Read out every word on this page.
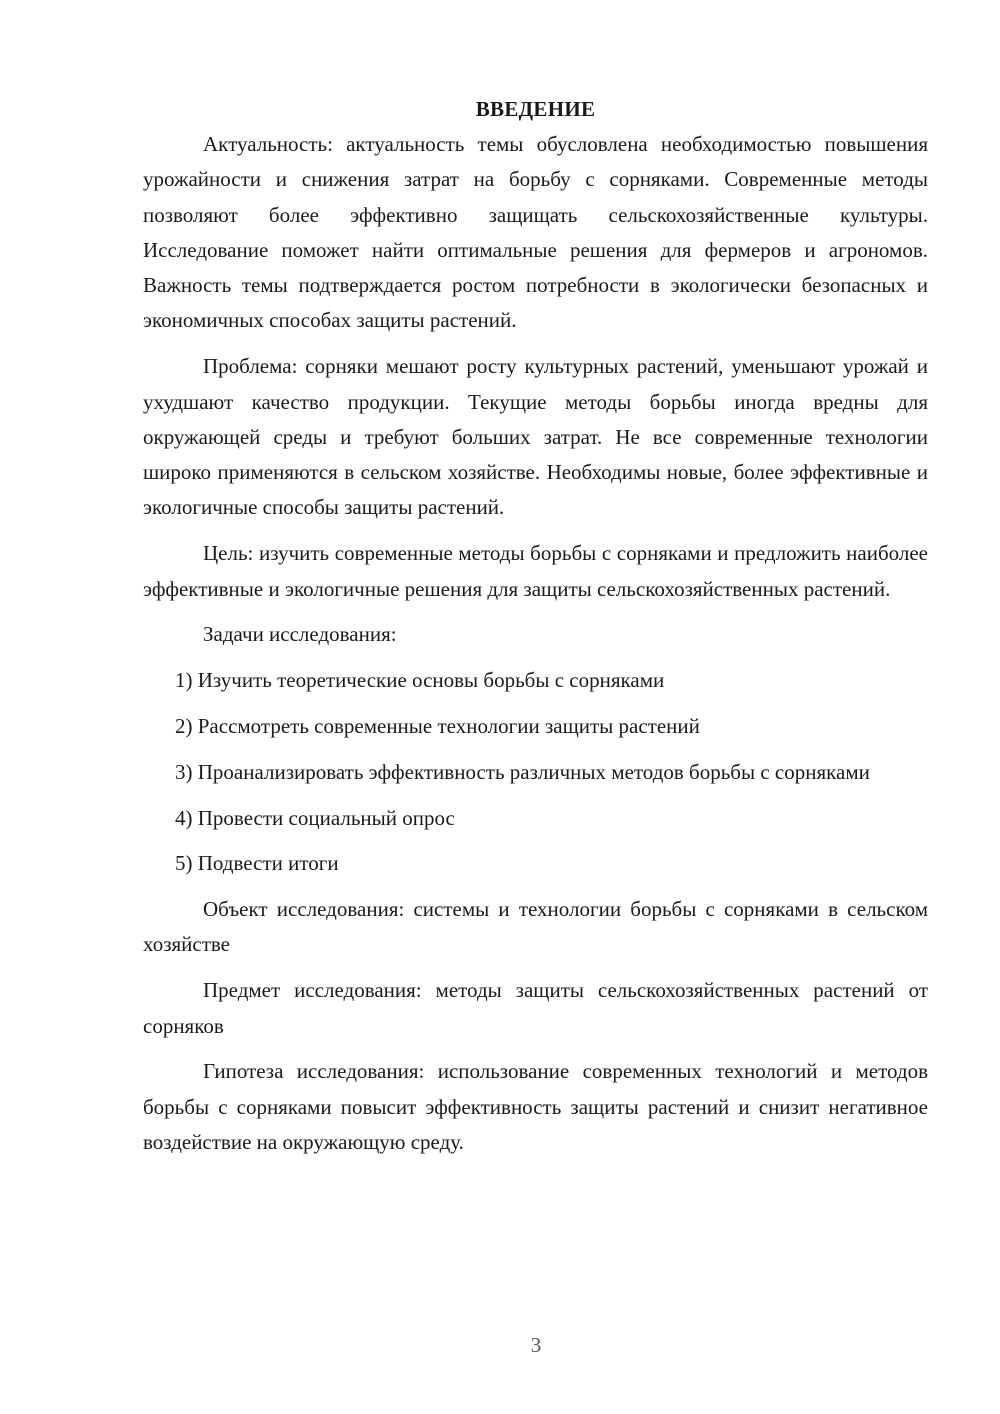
ВВЕДЕНИЕ

Актуальность: актуальность темы обусловлена необходимостью повышения урожайности и снижения затрат на борьбу с сорняками. Современные методы позволяют более эффективно защищать сельскохозяйственные культуры. Исследование поможет найти оптимальные решения для фермеров и агрономов. Важность темы подтверждается ростом потребности в экологически безопасных и экономичных способах защиты растений.

Проблема: сорняки мешают росту культурных растений, уменьшают урожай и ухудшают качество продукции. Текущие методы борьбы иногда вредны для окружающей среды и требуют больших затрат. Не все современные технологии широко применяются в сельском хозяйстве. Необходимы новые, более эффективные и экологичные способы защиты растений.

Цель: изучить современные методы борьбы с сорняками и предложить наиболее эффективные и экологичные решения для защиты сельскохозяйственных растений.

Задачи исследования:

1) Изучить теоретические основы борьбы с сорняками

2) Рассмотреть современные технологии защиты растений

3) Проанализировать эффективность различных методов борьбы с сорняками

4) Провести социальный опрос

5) Подвести итоги

Объект исследования: системы и технологии борьбы с сорняками в сельском хозяйстве

Предмет исследования: методы защиты сельскохозяйственных растений от сорняков

Гипотеза исследования: использование современных технологий и методов борьбы с сорняками повысит эффективность защиты растений и снизит негативное воздействие на окружающую среду.

3
